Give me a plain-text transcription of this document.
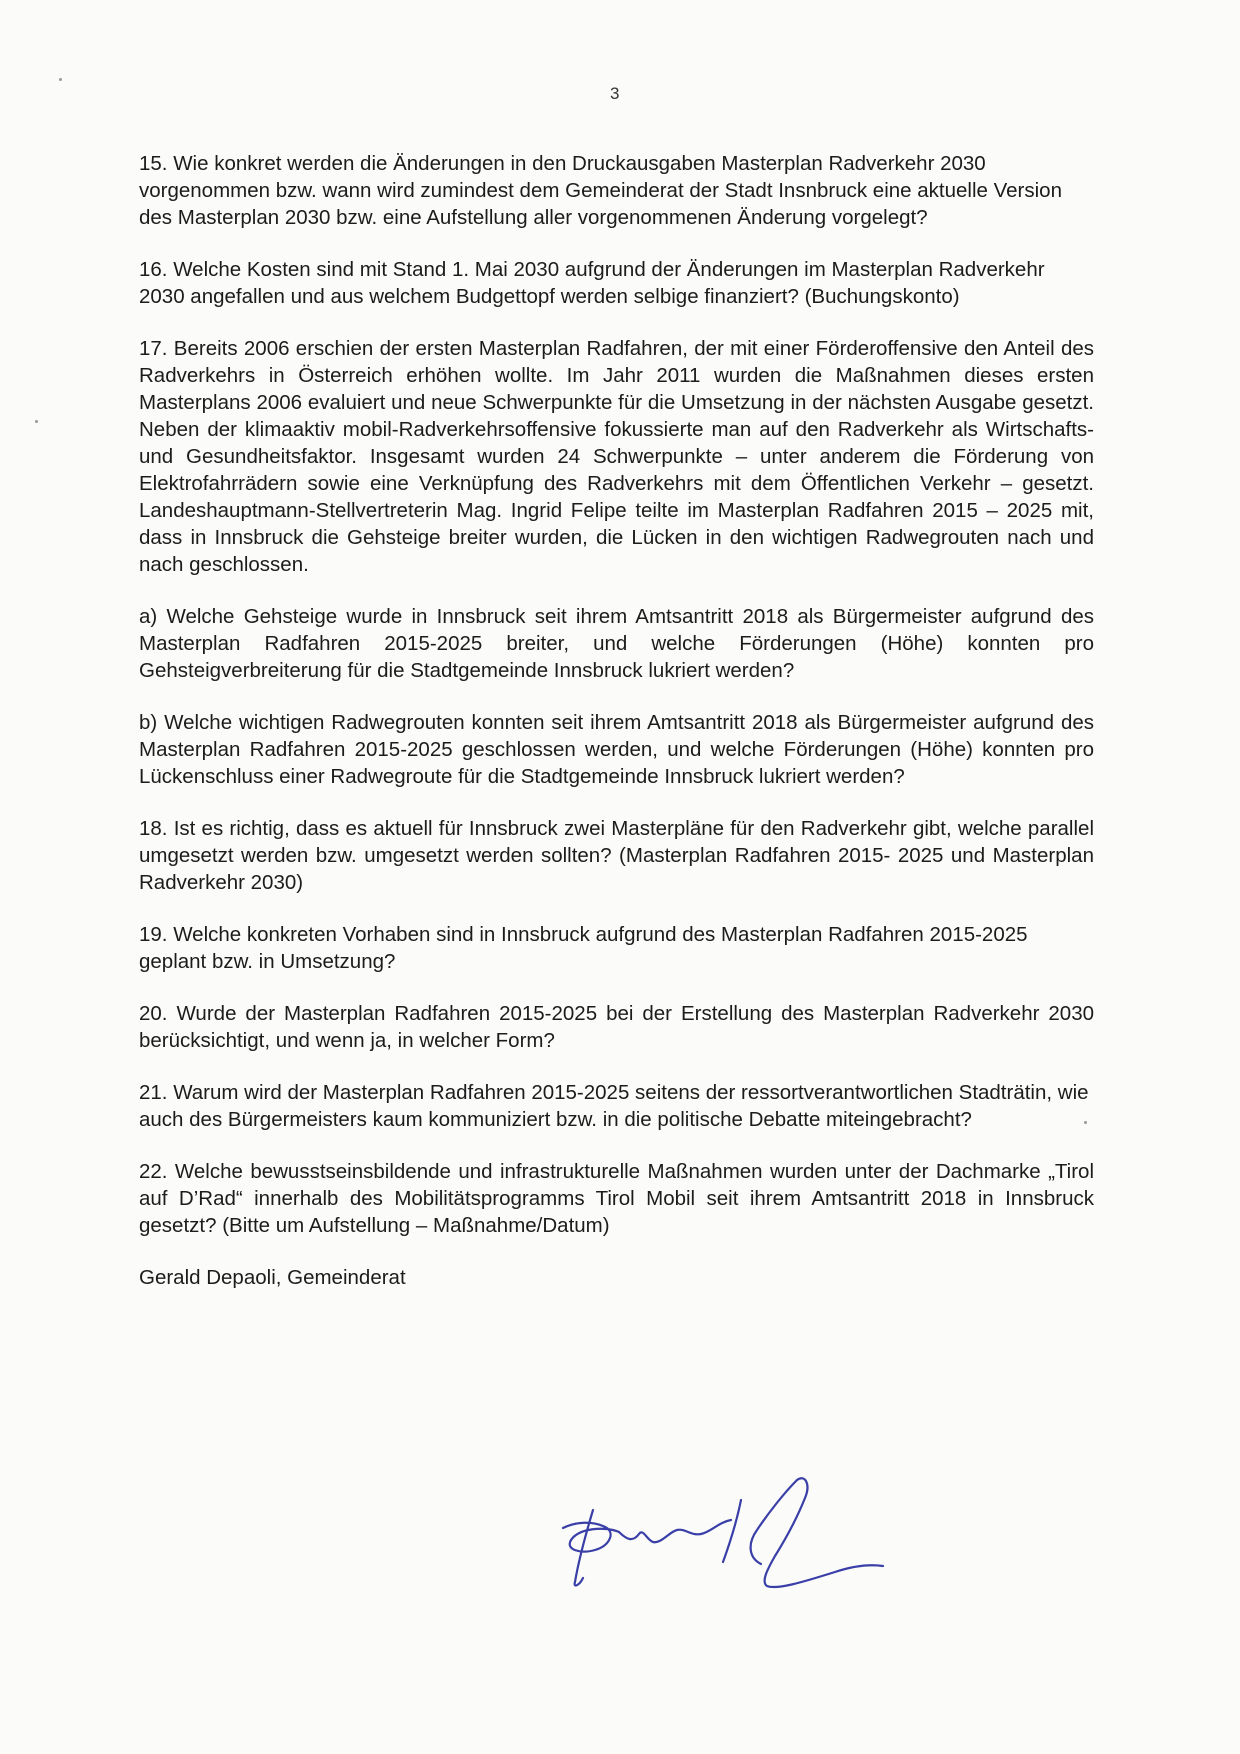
3

15. Wie konkret werden die Änderungen in den Druckausgaben Masterplan Radverkehr 2030 vorgenommen bzw. wann wird zumindest dem Gemeinderat der Stadt Insnbruck eine aktuelle Version des Masterplan 2030 bzw. eine Aufstellung aller vorgenommenen Änderung vorgelegt?

16. Welche Kosten sind mit Stand 1. Mai 2030 aufgrund der Änderungen im Masterplan Radverkehr 2030 angefallen und aus welchem Budgettopf werden selbige finanziert? (Buchungskonto)

17. Bereits 2006 erschien der ersten Masterplan Radfahren, der mit einer Förderoffensive den Anteil des Radverkehrs in Österreich erhöhen wollte. Im Jahr 2011 wurden die Maßnahmen dieses ersten Masterplans 2006 evaluiert und neue Schwerpunkte für die Umsetzung in der nächsten Ausgabe gesetzt. Neben der klimaaktiv mobil-Radverkehrsoffensive fokussierte man auf den Radverkehr als Wirtschafts- und Gesundheitsfaktor. Insgesamt wurden 24 Schwerpunkte – unter anderem die Förderung von Elektrofahrrädern sowie eine Verknüpfung des Radverkehrs mit dem Öffentlichen Verkehr – gesetzt. Landeshauptmann-Stellvertreterin Mag. Ingrid Felipe teilte im Masterplan Radfahren 2015 – 2025 mit, dass in Innsbruck die Gehsteige breiter wurden, die Lücken in den wichtigen Radwegrouten nach und nach geschlossen.

a) Welche Gehsteige wurde in Innsbruck seit ihrem Amtsantritt 2018 als Bürgermeister aufgrund des Masterplan Radfahren 2015-2025 breiter, und welche Förderungen (Höhe) konnten pro Gehsteigverbreiterung für die Stadtgemeinde Innsbruck lukriert werden?

b) Welche wichtigen Radwegrouten konnten seit ihrem Amtsantritt 2018 als Bürgermeister aufgrund des Masterplan Radfahren 2015-2025 geschlossen werden, und welche Förderungen (Höhe) konnten pro Lückenschluss einer Radwegroute für die Stadtgemeinde Innsbruck lukriert werden?

18. Ist es richtig, dass es aktuell für Innsbruck zwei Masterpläne für den Radverkehr gibt, welche parallel umgesetzt werden bzw. umgesetzt werden sollten? (Masterplan Radfahren 2015- 2025 und Masterplan Radverkehr 2030)

19. Welche konkreten Vorhaben sind in Innsbruck aufgrund des Masterplan Radfahren 2015-2025 geplant bzw. in Umsetzung?

20. Wurde der Masterplan Radfahren 2015-2025 bei der Erstellung des Masterplan Radverkehr 2030 berücksichtigt, und wenn ja, in welcher Form?

21. Warum wird der Masterplan Radfahren 2015-2025 seitens der ressortverantwortlichen Stadträtin, wie auch des Bürgermeisters kaum kommuniziert bzw. in die politische Debatte miteingebracht?

22. Welche bewusstseinsbildende und infrastrukturelle Maßnahmen wurden unter der Dachmarke „Tirol auf D’Rad“ innerhalb des Mobilitätsprogramms Tirol Mobil seit ihrem Amtsantritt 2018 in Innsbruck gesetzt? (Bitte um Aufstellung – Maßnahme/Datum)

Gerald Depaoli, Gemeinderat
